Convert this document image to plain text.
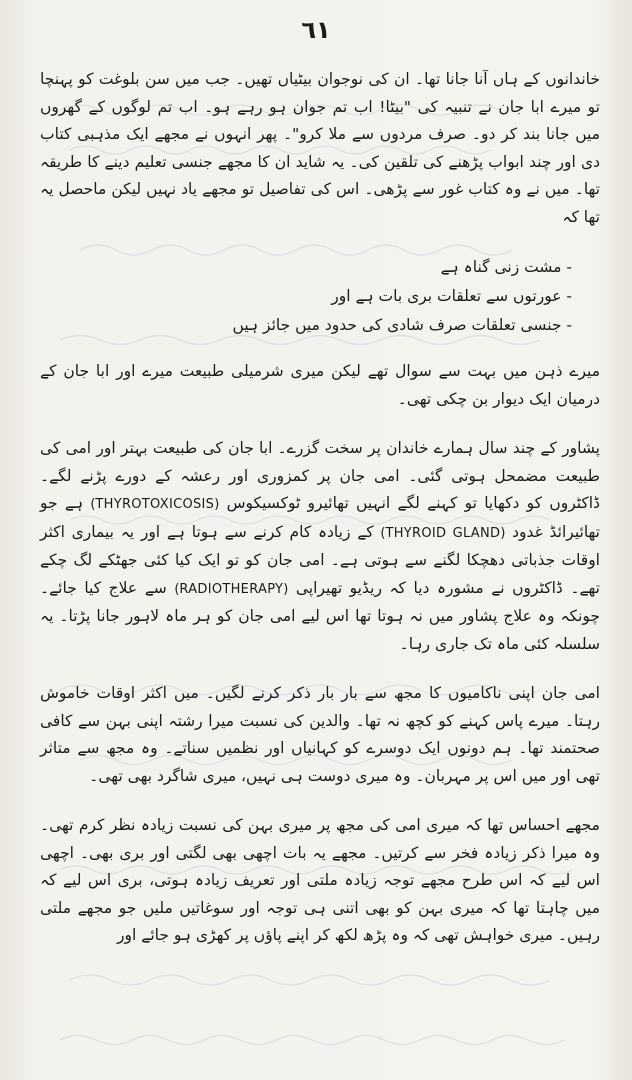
٦١

خاندانوں کے ہاں آنا جانا تھا۔ ان کی نوجوان بیٹیاں تھیں۔ جب میں سن بلوغت کو پہنچا تو میرے ابا جان نے تنبیہ کی "بیٹا! اب تم جوان ہو رہے ہو۔ اب تم لوگوں کے گھروں میں جانا بند کر دو۔ صرف مردوں سے ملا کرو"۔ پھر انہوں نے مجھے ایک مذہبی کتاب دی اور چند ابواب پڑھنے کی تلقین کی۔ یہ شاید ان کا مجھے جنسی تعلیم دینے کا طریقہ تھا۔ میں نے وہ کتاب غور سے پڑھی۔ اس کی تفاصیل تو مجھے یاد نہیں لیکن ماحصل یہ تھا کہ

- مشت زنی گناہ ہے
- عورتوں سے تعلقات بری بات ہے اور
- جنسی تعلقات صرف شادی کی حدود میں جائز ہیں

میرے ذہن میں بہت سے سوال تھے لیکن میری شرمیلی طبیعت میرے اور ابا جان کے درمیان ایک دیوار بن چکی تھی۔

پشاور کے چند سال ہمارے خاندان پر سخت گزرے۔ ابا جان کی طبیعت بہتر اور امی کی طبیعت مضمحل ہوتی گئی۔ امی جان پر کمزوری اور رعشہ کے دورے پڑنے لگے۔ ڈاکٹروں کو دکھایا تو کہنے لگے انہیں تھائیرو ٹوکسیکوس (THYROTOXICOSIS) ہے جو تھائیرائڈ غدود (THYROID GLAND) کے زیادہ کام کرنے سے ہوتا ہے اور یہ بیماری اکثر اوقات جذباتی دھچکا لگنے سے ہوتی ہے۔ امی جان کو تو ایک کیا کئی جھٹکے لگ چکے تھے۔ ڈاکٹروں نے مشورہ دیا کہ ریڈیو تھیراپی (RADIOTHERAPY) سے علاج کیا جائے۔ چونکہ وہ علاج پشاور میں نہ ہوتا تھا اس لیے امی جان کو ہر ماہ لاہور جانا پڑتا۔ یہ سلسلہ کئی ماہ تک جاری رہا۔

امی جان اپنی ناکامیوں کا مجھ سے بار بار ذکر کرنے لگیں۔ میں اکثر اوقات خاموش رہتا۔ میرے پاس کہنے کو کچھ نہ تھا۔ والدین کی نسبت میرا رشتہ اپنی بہن سے کافی صحتمند تھا۔ ہم دونوں ایک دوسرے کو کہانیاں اور نظمیں سناتے۔ وہ مجھ سے متاثر تھی اور میں اس پر مہربان۔ وہ میری دوست ہی نہیں، میری شاگرد بھی تھی۔

مجھے احساس تھا کہ میری امی کی مجھ پر میری بہن کی نسبت زیادہ نظر کرم تھی۔ وہ میرا ذکر زیادہ فخر سے کرتیں۔ مجھے یہ بات اچھی بھی لگتی اور بری بھی۔ اچھی اس لیے کہ اس طرح مجھے توجہ زیادہ ملتی اور تعریف زیادہ ہوتی، بری اس لیے کہ میں چاہتا تھا کہ میری بہن کو بھی اتنی ہی توجہ اور سوغاتیں ملیں جو مجھے ملتی رہیں۔ میری خواہش تھی کہ وہ پڑھ لکھ کر اپنے پاؤں پر کھڑی ہو جائے اور
